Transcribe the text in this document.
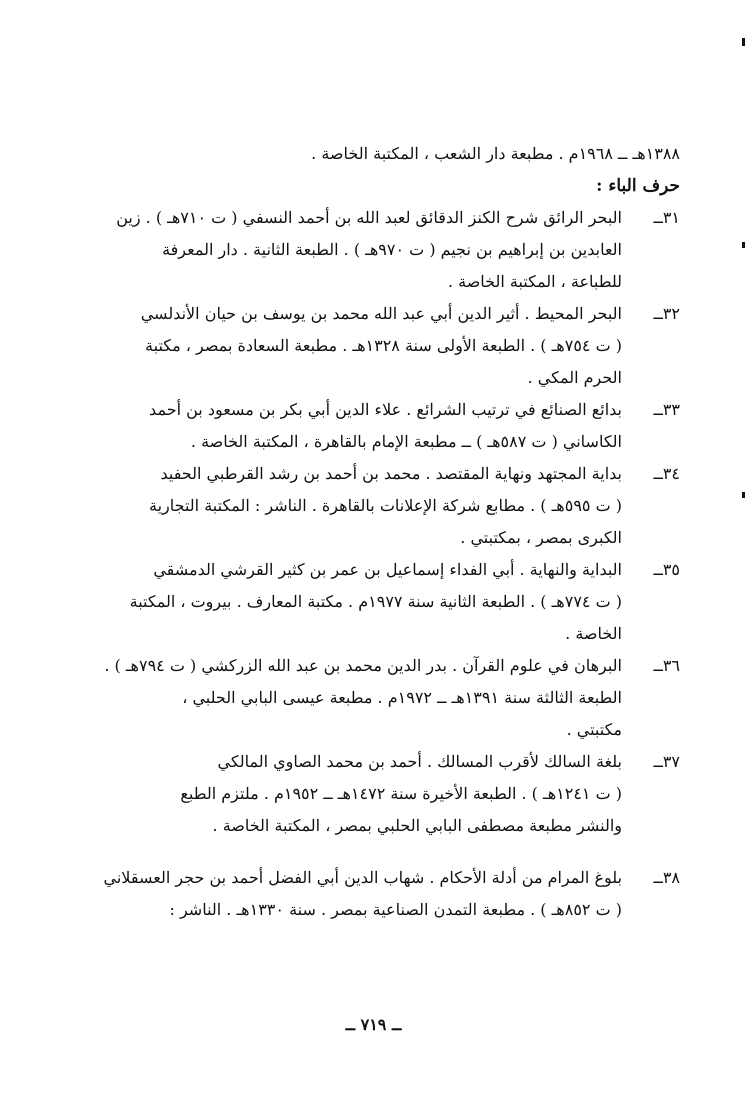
١٣٨٨هـ ــ ١٩٦٨م . مطبعة دار الشعب ، المكتبة الخاصة .
حرف الباء :
٣١ــ
البحر الرائق شرح الكنز الدقائق لعبد الله بن أحمد النسفي ( ت ٧١٠هـ ) . زين
العابدين بن إبراهيم بن نجيم ( ت ٩٧٠هـ ) . الطبعة الثانية . دار المعرفة
للطباعة ، المكتبة الخاصة .
٣٢ــ
البحر المحيط . أثير الدين أبي عبد الله محمد بن يوسف بن حيان الأندلسي
( ت ٧٥٤هـ ) . الطبعة الأولى سنة ١٣٢٨هـ . مطبعة السعادة بمصر ، مكتبة
الحرم المكي .
٣٣ــ
بدائع الصنائع في ترتيب الشرائع . علاء الدين أبي بكر بن مسعود بن أحمد
الكاساني ( ت ٥٨٧هـ ) ــ مطبعة الإمام بالقاهرة ، المكتبة الخاصة .
٣٤ــ
بداية المجتهد ونهاية المقتصد . محمد بن أحمد بن رشد القرطبي الحفيد
( ت ٥٩٥هـ ) . مطابع شركة الإعلانات بالقاهرة . الناشر : المكتبة التجارية
الكبرى بمصر ، بمكتبتي .
٣٥ــ
البداية والنهاية . أبي الفداء إسماعيل بن عمر بن كثير القرشي الدمشقي
( ت ٧٧٤هـ ) . الطبعة الثانية سنة ١٩٧٧م . مكتبة المعارف . بيروت ، المكتبة
الخاصة .
٣٦ــ
البرهان في علوم القرآن . بدر الدين محمد بن عبد الله الزركشي ( ت ٧٩٤هـ ) .
الطبعة الثالثة سنة ١٣٩١هـ ــ ١٩٧٢م . مطبعة عيسى البابي الحلبي ،
مكتبتي .
٣٧ــ
بلغة السالك لأقرب المسالك . أحمد بن محمد الصاوي المالكي
( ت ١٢٤١هـ ) . الطبعة الأخيرة سنة ١٤٧٢هـ ــ ١٩٥٢م . ملتزم الطبع
والنشر مطبعة مصطفى البابي الحلبي بمصر ، المكتبة الخاصة .
٣٨ــ
بلوغ المرام من أدلة الأحكام . شهاب الدين أبي الفضل أحمد بن حجر العسقلاني
( ت ٨٥٢هـ ) . مطبعة التمدن الصناعية بمصر . سنة ١٣٣٠هـ . الناشر :
ــ ٧١٩ ــ
